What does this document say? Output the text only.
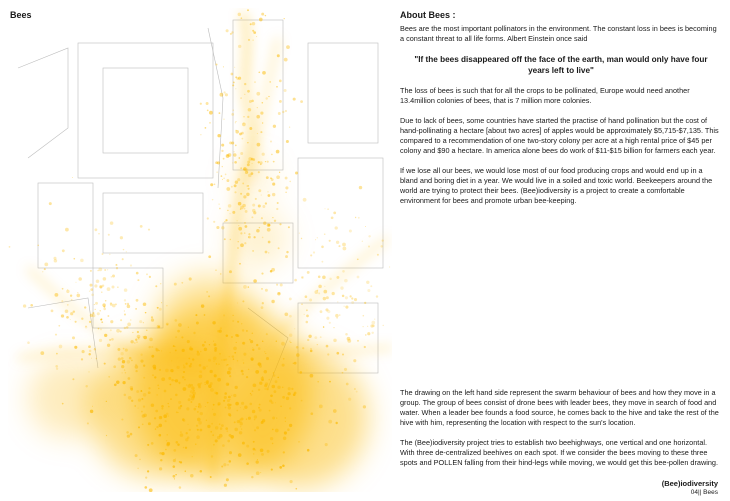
Bees	About Bees :

Bees are the most important pollinators in the environment. The constant loss in bees is becoming a constant threat to all life forms. Albert Einstein once said

"If the bees disappeared off the face of the earth, man would only have four years left to live"

The loss of bees is such that for all the crops to be pollinated, Europe would need another 13.4million colonies of bees, that is 7 million more colonies.

Due to lack of bees, some countries have started the practise of hand pollination but the cost of hand-pollinating a hectare [about two acres] of apples would be approximately $5,715-$7,135. This compared to a recommendation of one two-story colony per acre at a high rental price of $45 per colony and $90 a hectare. In america alone bees do work of $11-$15 billion for farmers each year.

If we lose all our bees, we would lose most of our food producing crops and would end up in a bland and boring diet in a year. We would live in a soiled and toxic world. Beekeepers around the world are trying to protect their bees. (Bee)iodiversity is a project to create a comfortable environment for bees and promote urban bee-keeping.

The drawing on the left hand side represent the swarm behaviour of bees and how they move in a group. The group of bees consist of drone bees with leader bees, they move in search of food and water. When a leader bee founds a food source, he comes back to the hive and take the rest of the hive with him, representing the location with respect to the sun's location.

The (Bee)iodiversity project tries to establish two beehighways, one vertical and one horizontal. With three de-centralized beehives on each spot. If we consider the bees moving to these three spots and POLLEN falling from their hind-legs while moving, we would get this bee-pollen drawing.

(Bee)iodiversity
04|| Bees
